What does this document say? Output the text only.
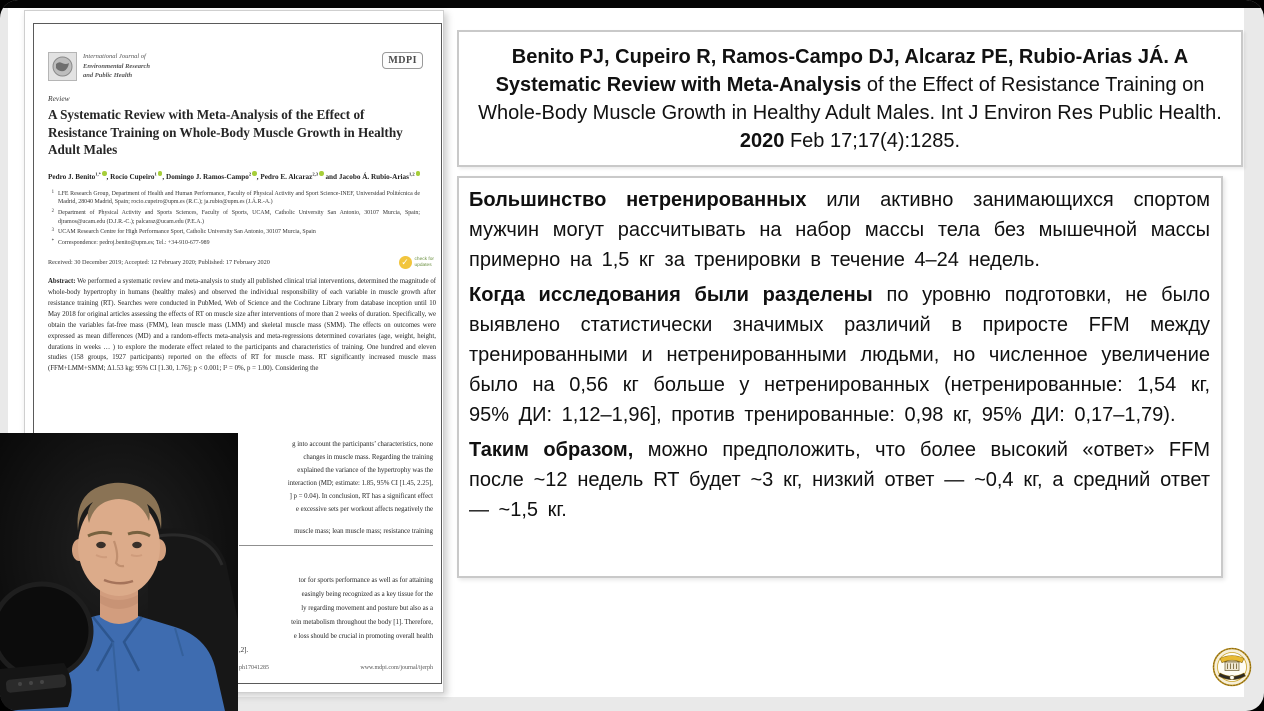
International Journal of
Environmental Research
and Public Health
MDPI
Review
A Systematic Review with Meta-Analysis of the Effect of Resistance Training on Whole-Body Muscle Growth in Healthy Adult Males
Pedro J. Benito$^{1,*}$ , Rocío Cupeiro$^1$ , Domingo J. Ramos-Campo$^2$ , Pedro E. Alcaraz$^{2,3}$ and Jacobo Á. Rubio-Arias$^{1,2}$
1 LFE Research Group, Department of Health and Human Performance, Faculty of Physical Activity and Sport Science-INEF, Universidad Politécnica de Madrid, 28040 Madrid, Spain; rocio.cupeiro@upm.es (R.C.); ja.rubio@upm.es (J.Á.R.-A.)
2 Department of Physical Activity and Sports Sciences, Faculty of Sports, UCAM, Catholic University San Antonio, 30107 Murcia, Spain; djramos@ucam.edu (D.J.R.-C.); palcaraz@ucam.edu (P.E.A.)
3 UCAM Research Centre for High Performance Sport, Catholic University San Antonio, 30107 Murcia, Spain
* Correspondence: pedroj.benito@upm.es; Tel.: +34-910-677-989
Received: 30 December 2019; Accepted: 12 February 2020; Published: 17 February 2020	✓	check for
updates
Abstract: We performed a systematic review and meta-analysis to study all published clinical trial interventions, determined the magnitude of whole-body hypertrophy in humans (healthy males) and observed the individual responsibility of each variable in muscle growth after resistance training (RT). Searches were conducted in PubMed, Web of Science and the Cochrane Library from database inception until 10 May 2018 for original articles assessing the effects of RT on muscle size after interventions of more than 2 weeks of duration. Specifically, we obtain the variables fat-free mass (FMM), lean muscle mass (LMM) and skeletal muscle mass (SMM). The effects on outcomes were expressed as mean differences (MD) and a random-effects meta-analysis and meta-regressions determined covariates (age, weight, height, durations in weeks … ) to explore the moderate effect related to the participants and characteristics of training. One hundred and eleven studies (158 groups, 1927 participants) reported on the effects of RT for muscle mass. RT significantly increased muscle mass (FFM+LMM+SMM; Δ1.53 kg; 95% CI [1.30, 1.76]; p < 0.001; I² = 0%, p = 1.00). Considering the
g into account the participants’ characteristics, none
changes in muscle mass. Regarding the training
explained the variance of the hypertrophy was the
interaction (MD; estimate: 1.85, 95% CI [1.45, 2.25],
] p = 0.04). In conclusion, RT has a significant effect
e excessive sets per workout affects negatively the
muscle mass; lean muscle mass; resistance training
tor for sports performance as well as for attaining
easingly being recognized as a key tissue for the
ly regarding movement and posture but also as a
tein metabolism throughout the body [1]. Therefore,
e loss should be crucial in promoting overall health
,2].
ph17041285	www.mdpi.com/journal/ijerph
Benito PJ, Cupeiro R, Ramos-Campo DJ, Alcaraz PE, Rubio-Arias JÁ. A Systematic Review with Meta-Analysis of the Effect of Resistance Training on Whole-Body Muscle Growth in Healthy Adult Males. Int J Environ Res Public Health. 2020 Feb 17;17(4):1285.

Большинство нетренированных или активно занимающихся спортом мужчин могут рассчитывать на набор массы тела без мышечной массы примерно на 1,5 кг за тренировки в течение 4–24 недель.

Когда исследования были разделены по уровню подготовки, не было выявлено статистически значимых различий в приросте FFM между тренированными и нетренированными людьми, но численное увеличение было на 0,56 кг больше у нетренированных (нетренированные: 1,54 кг, 95% ДИ: 1,12–1,96], против тренированные: 0,98 кг, 95% ДИ: 0,17–1,79).

Таким образом, можно предположить, что более высокий «ответ» FFM после ~12 недель RT будет ~3 кг, низкий ответ — ~0,4 кг, а средний ответ — ~1,5 кг.
